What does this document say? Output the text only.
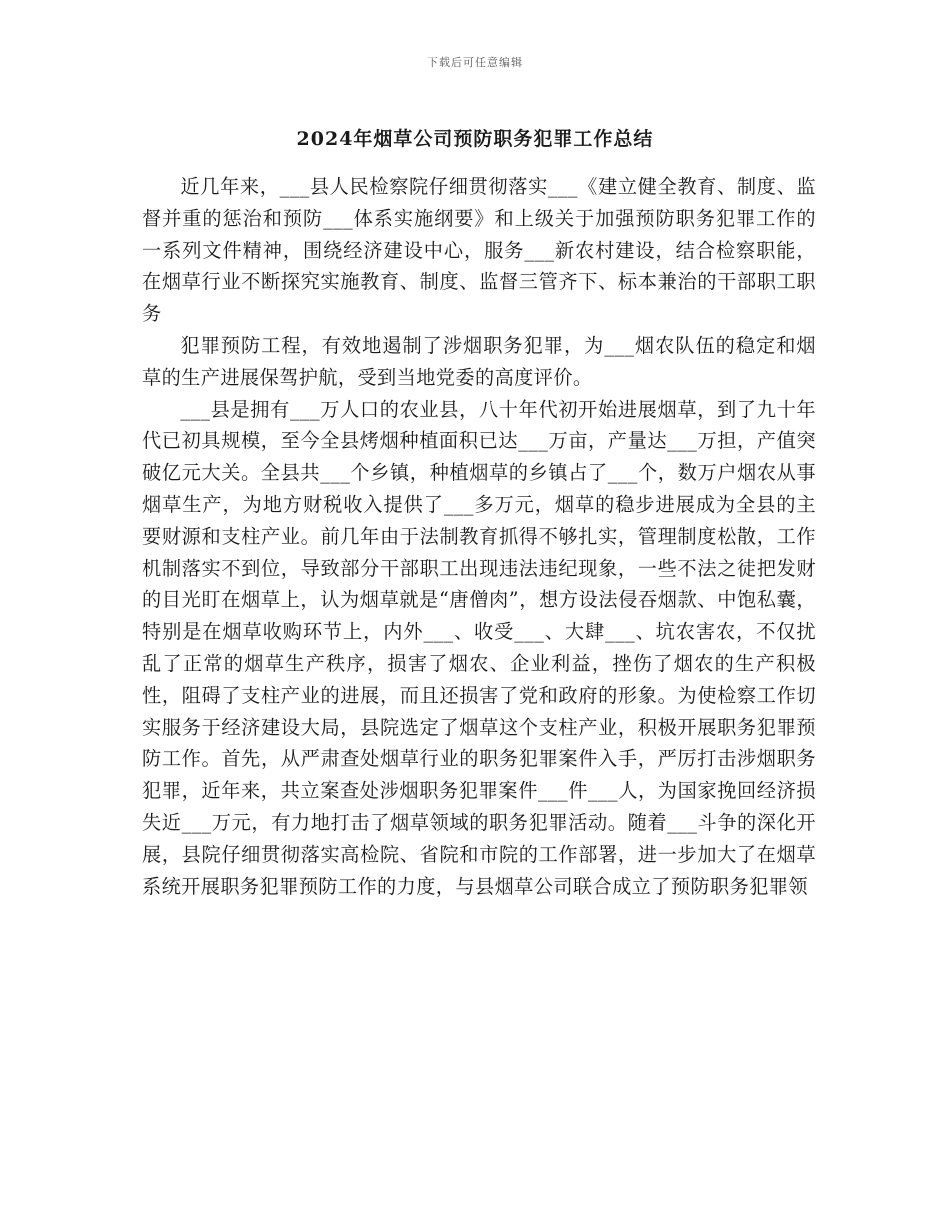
下载后可任意编辑
2024年烟草公司预防职务犯罪工作总结

近几年来，___县人民检察院仔细贯彻落实___《建立健全教育、制度、监督并重的惩治和预防___体系实施纲要》和上级关于加强预防职务犯罪工作的一系列文件精神，围绕经济建设中心，服务___新农村建设，结合检察职能，在烟草行业不断探究实施教育、制度、监督三管齐下、标本兼治的干部职工职务

犯罪预防工程，有效地遏制了涉烟职务犯罪，为___烟农队伍的稳定和烟草的生产进展保驾护航，受到当地党委的高度评价。

___县是拥有___万人口的农业县，八十年代初开始进展烟草，到了九十年代已初具规模，至今全县烤烟种植面积已达___万亩，产量达___万担，产值突破亿元大关。全县共___个乡镇，种植烟草的乡镇占了___个，数万户烟农从事烟草生产，为地方财税收入提供了___多万元，烟草的稳步进展成为全县的主要财源和支柱产业。前几年由于法制教育抓得不够扎实，管理制度松散，工作机制落实不到位，导致部分干部职工出现违法违纪现象，一些不法之徒把发财的目光盯在烟草上，认为烟草就是“唐僧肉”，想方设法侵吞烟款、中饱私囊，特别是在烟草收购环节上，内外___、收受___、大肆___、坑农害农，不仅扰乱了正常的烟草生产秩序，损害了烟农、企业利益，挫伤了烟农的生产积极性，阻碍了支柱产业的进展，而且还损害了党和政府的形象。为使检察工作切实服务于经济建设大局，县院选定了烟草这个支柱产业，积极开展职务犯罪预防工作。首先，从严肃查处烟草行业的职务犯罪案件入手，严厉打击涉烟职务犯罪，近年来，共立案查处涉烟职务犯罪案件___件___人，为国家挽回经济损失近___万元，有力地打击了烟草领域的职务犯罪活动。随着___斗争的深化开展，县院仔细贯彻落实高检院、省院和市院的工作部署，进一步加大了在烟草系统开展职务犯罪预防工作的力度，与县烟草公司联合成立了预防职务犯罪领
